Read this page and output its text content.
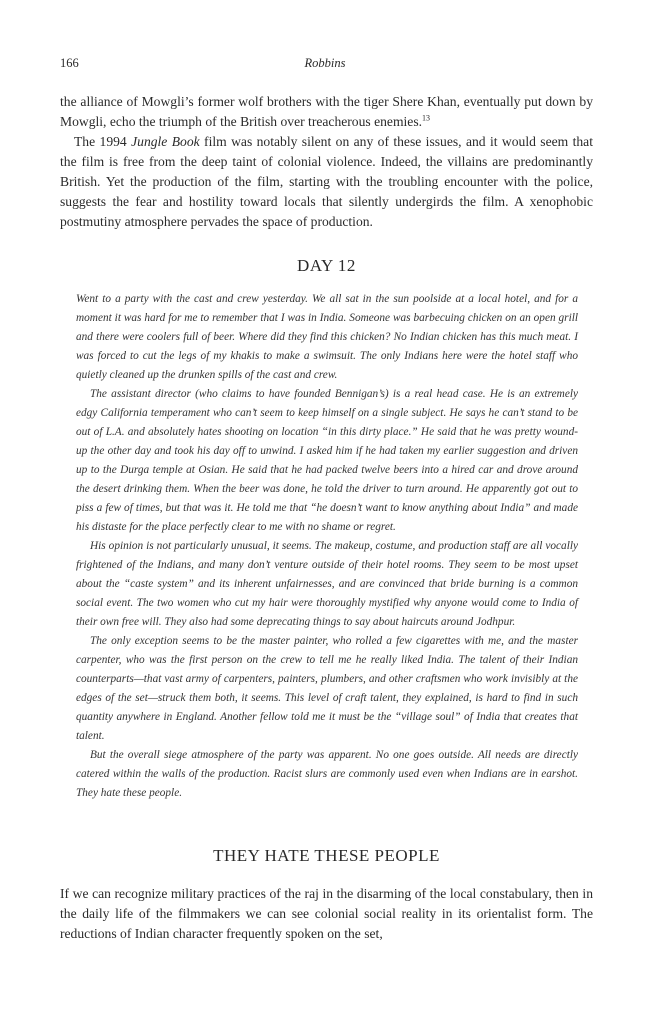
166	Robbins

the alliance of Mowgli’s former wolf brothers with the tiger Shere Khan, eventually put down by Mowgli, echo the triumph of the British over treacherous enemies.$^{13}$

The 1994 Jungle Book film was notably silent on any of these issues, and it would seem that the film is free from the deep taint of colonial violence. Indeed, the villains are predominantly British. Yet the production of the film, starting with the troubling encounter with the police, suggests the fear and hostility toward locals that silently undergirds the film. A xenophobic postmutiny atmosphere pervades the space of production.

DAY 12

Went to a party with the cast and crew yesterday. We all sat in the sun poolside at a local hotel, and for a moment it was hard for me to remember that I was in India. Someone was barbecuing chicken on an open grill and there were coolers full of beer. Where did they find this chicken? No Indian chicken has this much meat. I was forced to cut the legs of my khakis to make a swimsuit. The only Indians here were the hotel staff who quietly cleaned up the drunken spills of the cast and crew.

The assistant director (who claims to have founded Bennigan’s) is a real head case. He is an extremely edgy California temperament who can’t seem to keep himself on a single subject. He says he can’t stand to be out of L.A. and absolutely hates shooting on location “in this dirty place.” He said that he was pretty wound-up the other day and took his day off to unwind. I asked him if he had taken my earlier suggestion and driven up to the Durga temple at Osian. He said that he had packed twelve beers into a hired car and drove around the desert drinking them. When the beer was done, he told the driver to turn around. He apparently got out to piss a few of times, but that was it. He told me that “he doesn’t want to know anything about India” and made his distaste for the place perfectly clear to me with no shame or regret.

His opinion is not particularly unusual, it seems. The makeup, costume, and production staff are all vocally frightened of the Indians, and many don’t venture outside of their hotel rooms. They seem to be most upset about the “caste system” and its inherent unfairnesses, and are convinced that bride burning is a common social event. The two women who cut my hair were thoroughly mystified why anyone would come to India of their own free will. They also had some deprecating things to say about haircuts around Jodhpur.

The only exception seems to be the master painter, who rolled a few cigarettes with me, and the master carpenter, who was the first person on the crew to tell me he really liked India. The talent of their Indian counterparts—that vast army of carpenters, painters, plumbers, and other craftsmen who work invisibly at the edges of the set—struck them both, it seems. This level of craft talent, they explained, is hard to find in such quantity anywhere in England. Another fellow told me it must be the “village soul” of India that creates that talent.

But the overall siege atmosphere of the party was apparent. No one goes outside. All needs are directly catered within the walls of the production. Racist slurs are commonly used even when Indians are in earshot. They hate these people.

THEY HATE THESE PEOPLE

If we can recognize military practices of the raj in the disarming of the local constabulary, then in the daily life of the filmmakers we can see colonial social reality in its orientalist form. The reductions of Indian character frequently spoken on the set,
